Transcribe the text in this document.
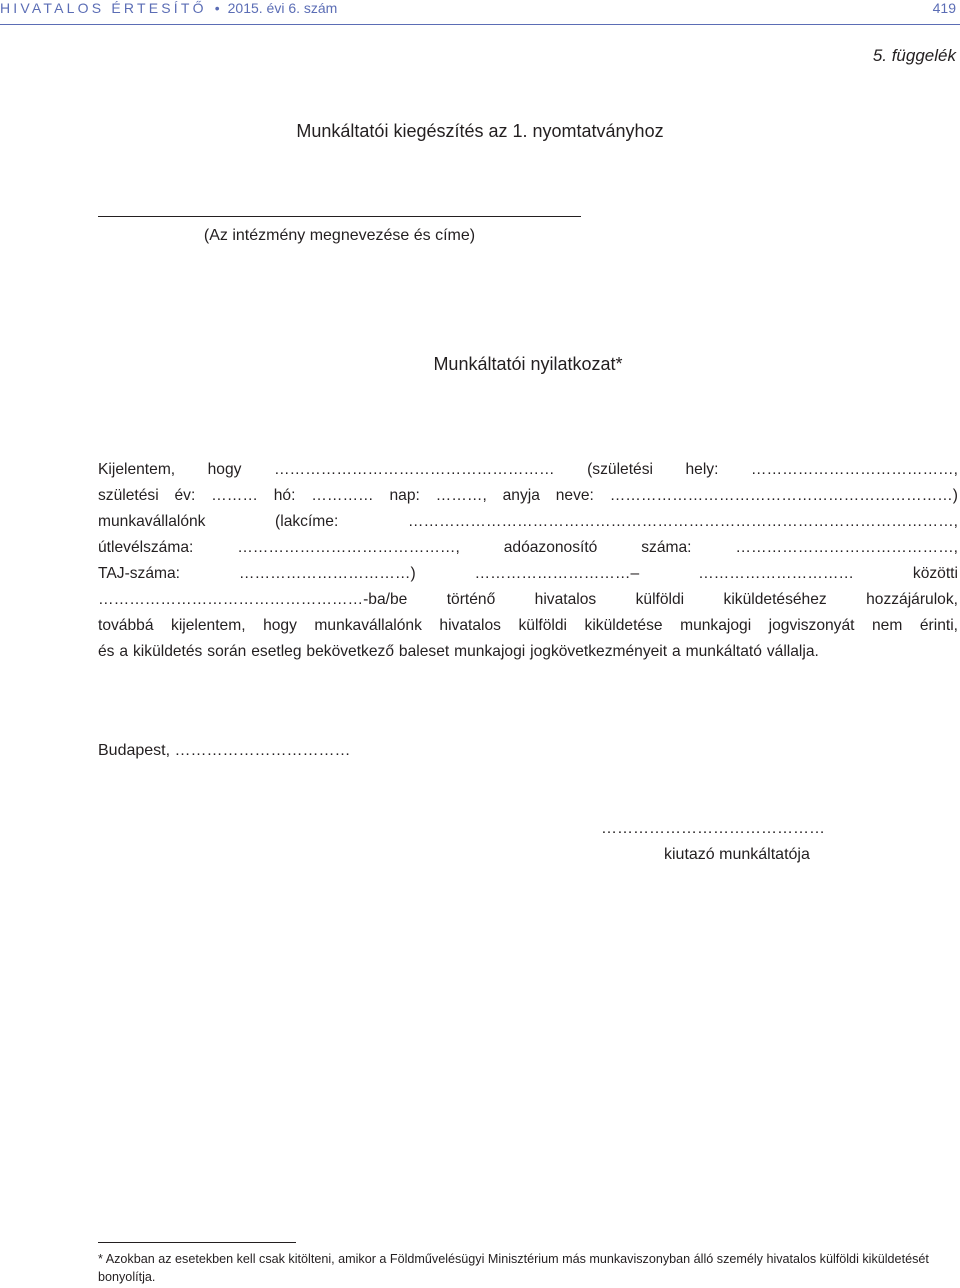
HIVATALOS ÉRTESÍTŐ • 2015. évi 6. szám	419
5. függelék
Munkáltatói kiegészítés az 1. nyomtatványhoz
(Az intézmény megnevezése és címe)
Munkáltatói nyilatkozat*
Kijelentem, hogy ……………………………………………… (születési hely: …………………………………,
születési év: ……… hó: ………… nap: ………, anyja neve: …………………………………………………………)
munkavállalónk	(lakcíme:	……………………………………………………………………………………………,
útlevélszáma:	……………………………………,	adóazonosító	száma:	……………………………………,
TAJ-száma:	……………………………)	…………………………–	…………………………	közötti
……………………………………………-ba/be	történő	hivatalos	külföldi	kiküldetéséhez	hozzájárulok,
továbbá kijelentem, hogy munkavállalónk hivatalos külföldi kiküldetése munkajogi jogviszonyát nem érinti,
és a kiküldetés során esetleg bekövetkező baleset munkajogi jogkövetkezményeit a munkáltató vállalja.
Budapest, ……………………………
……………………………………
kiutazó munkáltatója
* Azokban az esetekben kell csak kitölteni, amikor a Földművelésügyi Minisztérium más munkaviszonyban álló személy hivatalos külföldi kiküldetését bonyolítja.
